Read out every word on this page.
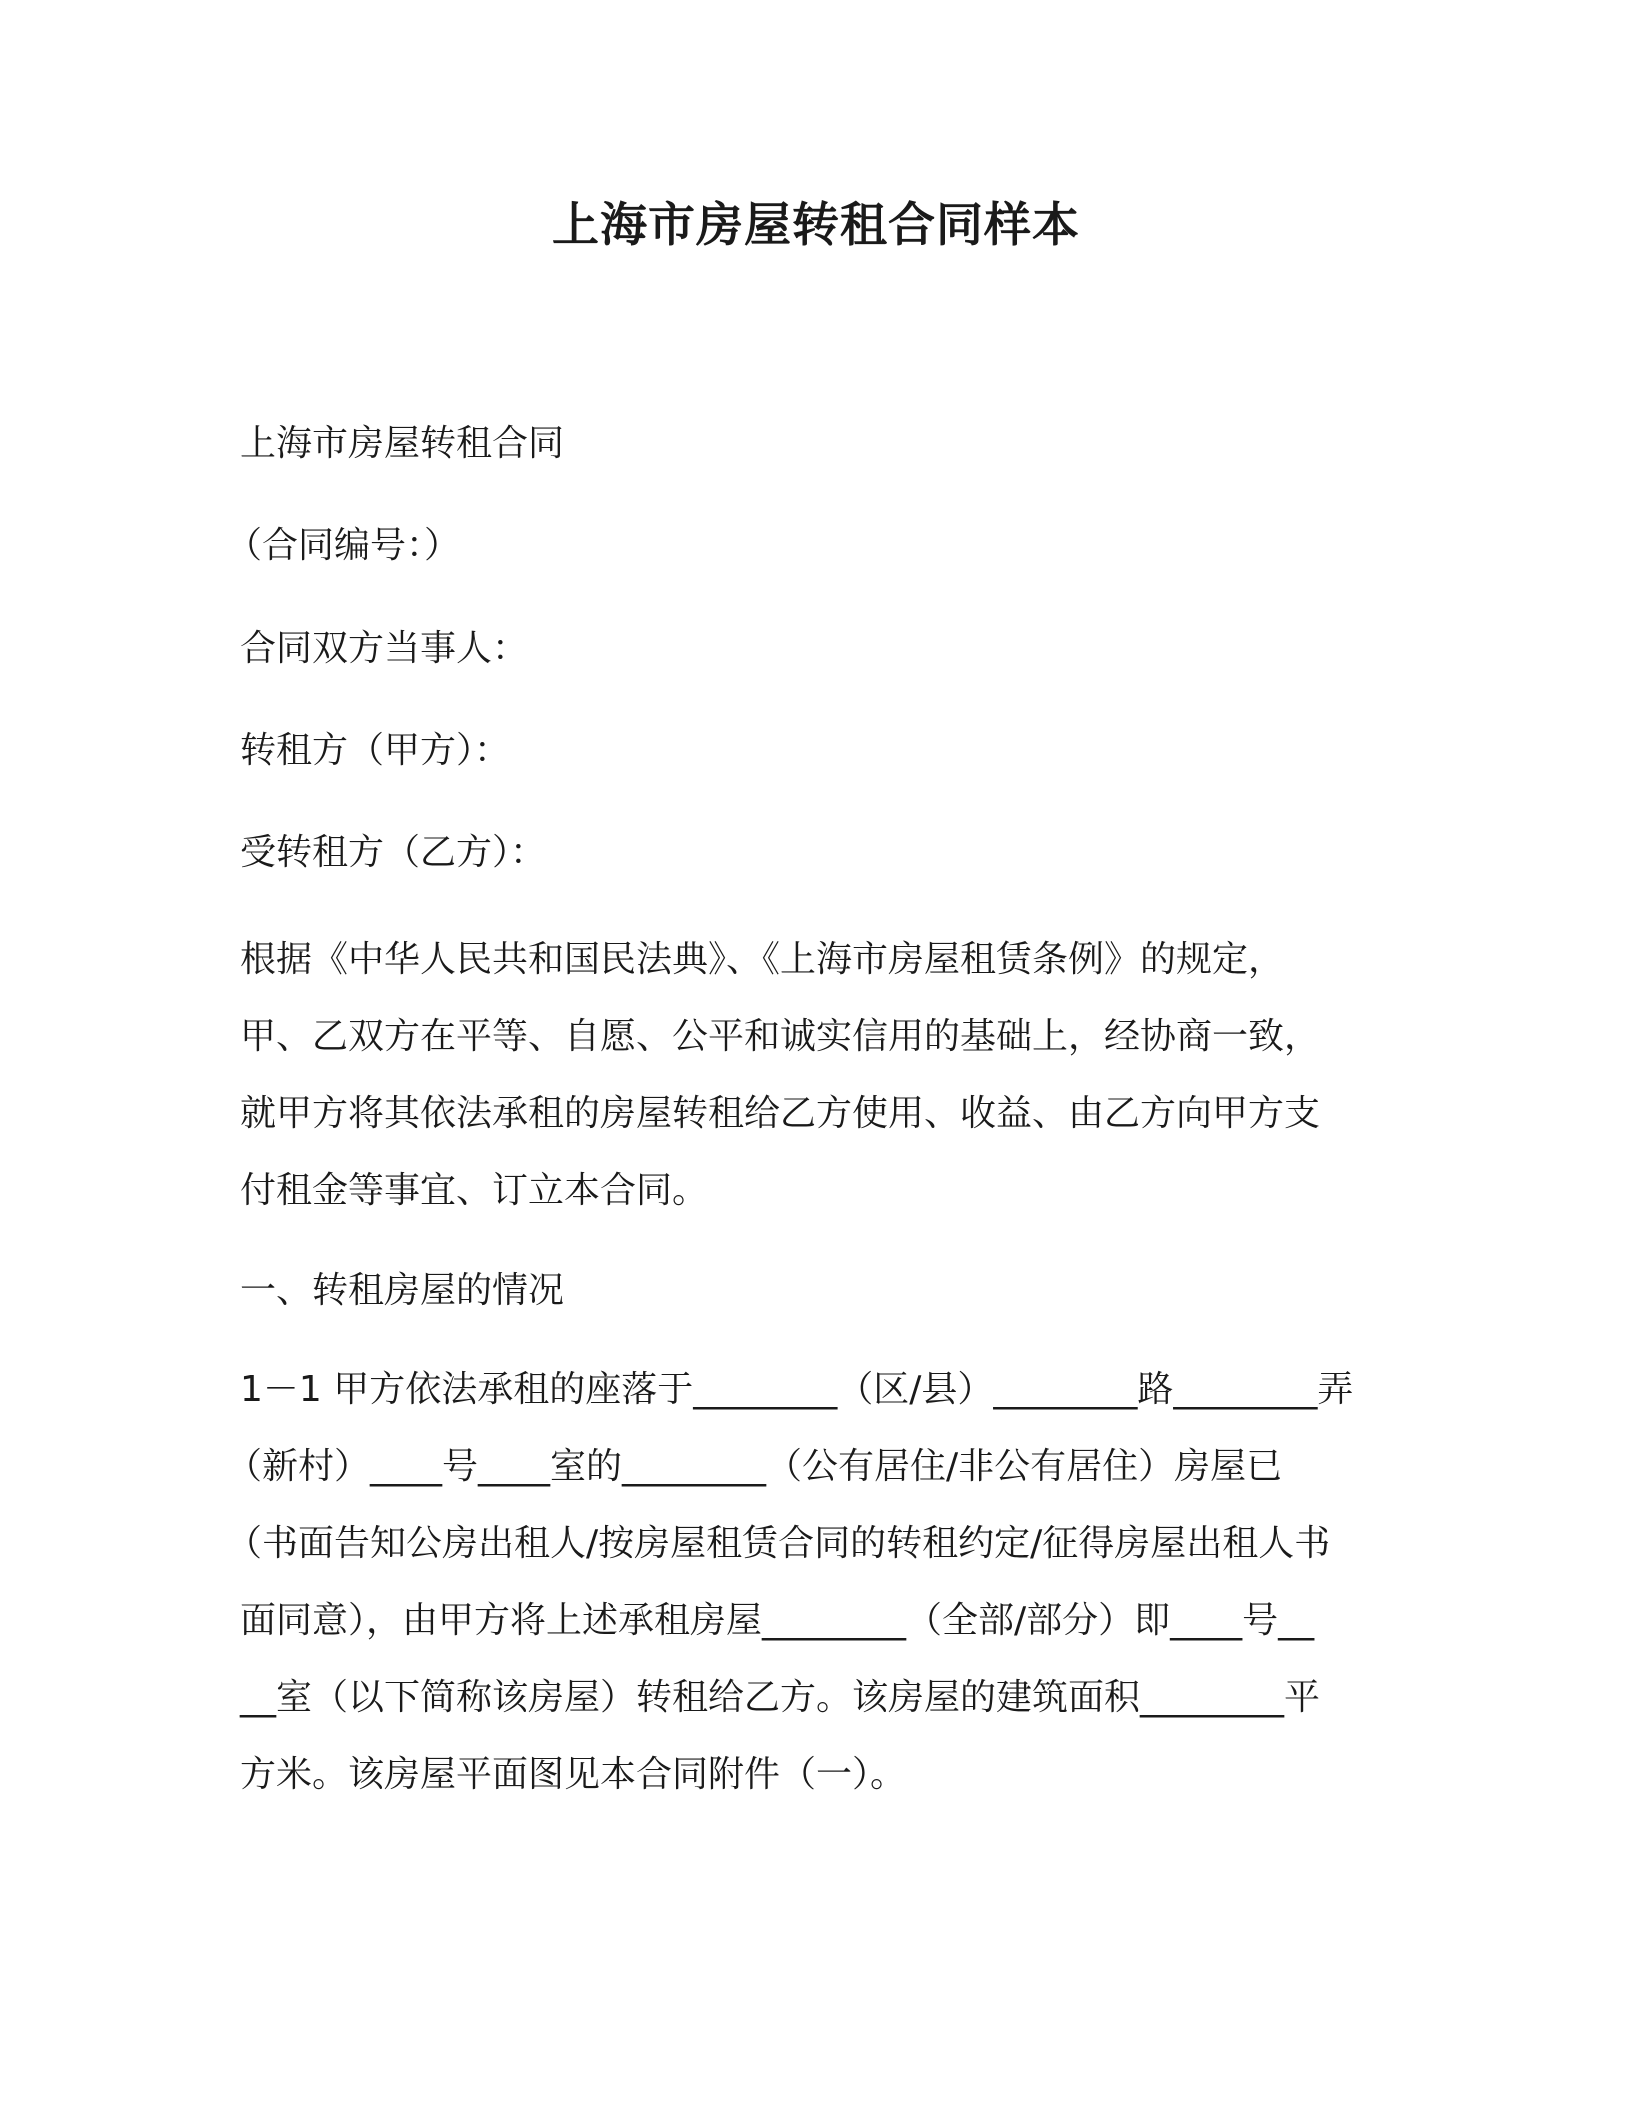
上海市房屋转租合同样本

上海市房屋转租合同

（合同编号：）

合同双方当事人：

转租方（甲方）：

受转租方（乙方）：

根据《中华人民共和国民法典》、《上海市房屋租赁条例》的规定，
甲、乙双方在平等、自愿、公平和诚实信用的基础上，经协商一致，
就甲方将其依法承租的房屋转租给乙方使用、收益、由乙方向甲方支
付租金等事宜、订立本合同。

一、转租房屋的情况

1－1 甲方依法承租的座落于________（区/县）________路________弄
（新村）____号____室的________（公有居住/非公有居住）房屋已
（书面告知公房出租人/按房屋租赁合同的转租约定/征得房屋出租人书
面同意），由甲方将上述承租房屋________（全部/部分）即____号__
__室（以下简称该房屋）转租给乙方。该房屋的建筑面积________平
方米。该房屋平面图见本合同附件（一）。
